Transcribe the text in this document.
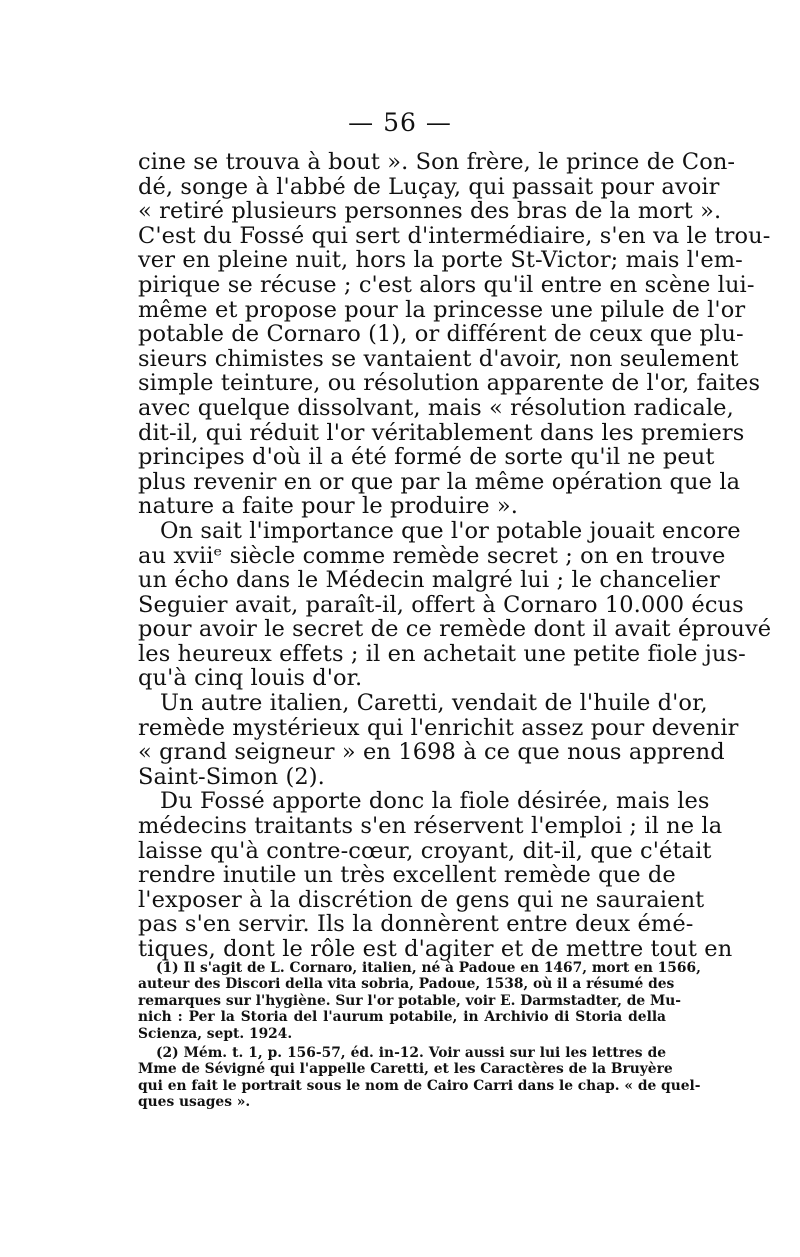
— 56 —
cine se trouva à bout ». Son frère, le prince de Con-
dé, songe à l'abbé de Luçay, qui passait pour avoir
« retiré plusieurs personnes des bras de la mort ».
C'est du Fossé qui sert d'intermédiaire, s'en va le trou-
ver en pleine nuit, hors la porte St-Victor; mais l'em-
pirique se récuse ; c'est alors qu'il entre en scène lui-
même et propose pour la princesse une pilule de l'or
potable de Cornaro (1), or différent de ceux que plu-
sieurs chimistes se vantaient d'avoir, non seulement
simple teinture, ou résolution apparente de l'or, faites
avec quelque dissolvant, mais « résolution radicale,
dit-il, qui réduit l'or véritablement dans les premiers
principes d'où il a été formé de sorte qu'il ne peut
plus revenir en or que par la même opération que la
nature a faite pour le produire ».
On sait l'importance que l'or potable jouait encore
au xviiᵉ siècle comme remède secret ; on en trouve
un écho dans le Médecin malgré lui ; le chancelier
Seguier avait, paraît-il, offert à Cornaro 10.000 écus
pour avoir le secret de ce remède dont il avait éprouvé
les heureux effets ; il en achetait une petite fiole jus-
qu'à cinq louis d'or.
Un autre italien, Caretti, vendait de l'huile d'or,
remède mystérieux qui l'enrichit assez pour devenir
« grand seigneur » en 1698 à ce que nous apprend
Saint-Simon (2).
Du Fossé apporte donc la fiole désirée, mais les
médecins traitants s'en réservent l'emploi ; il ne la
laisse qu'à contre-cœur, croyant, dit-il, que c'était
rendre inutile un très excellent remède que de
l'exposer à la discrétion de gens qui ne sauraient
pas s'en servir. Ils la donnèrent entre deux émé-
tiques, dont le rôle est d'agiter et de mettre tout en
(1) Il s'agit de L. Cornaro, italien, né à Padoue en 1467, mort en 1566,
auteur des Discori della vita sobria, Padoue, 1538, où il a résumé des
remarques sur l'hygiène. Sur l'or potable, voir E. Darmstadter, de Mu-
nich : Per la Storia del l'aurum potabile, in Archivio di Storia della
Scienza, sept. 1924.
(2) Mém. t. 1, p. 156-57, éd. in-12. Voir aussi sur lui les lettres de
Mme de Sévigné qui l'appelle Caretti, et les Caractères de la Bruyère
qui en fait le portrait sous le nom de Cairo Carri dans le chap. « de quel-
ques usages ».
